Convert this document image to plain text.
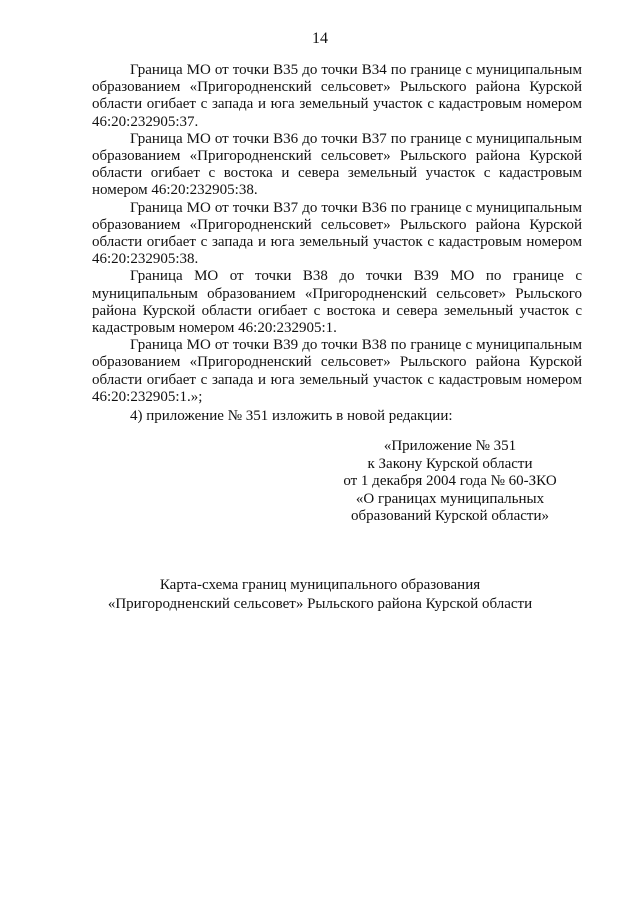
14

Граница МО от точки B35 до точки B34 по границе с муниципальным образованием «Пригородненский сельсовет» Рыльского района Курской области огибает с запада и юга земельный участок с кадастровым номером 46:20:232905:37.

Граница МО от точки B36 до точки B37 по границе с муниципальным образованием «Пригородненский сельсовет» Рыльского района Курской области огибает с востока и севера земельный участок с кадастровым номером 46:20:232905:38.

Граница МО от точки B37 до точки B36 по границе с муниципальным образованием «Пригородненский сельсовет» Рыльского района Курской области огибает с запада и юга земельный участок с кадастровым номером 46:20:232905:38.

Граница МО от точки B38 до точки B39 МО по границе с муниципальным образованием «Пригородненский сельсовет» Рыльского района Курской области огибает с востока и севера земельный участок с кадастровым номером 46:20:232905:1.

Граница МО от точки B39 до точки B38 по границе с муниципальным образованием «Пригородненский сельсовет» Рыльского района Курской области огибает с запада и юга земельный участок с кадастровым номером 46:20:232905:1.»;

4) приложение № 351 изложить в новой редакции:

«Приложение № 351
к Закону Курской области
от 1 декабря 2004 года № 60-ЗКО
«О границах муниципальных
образований Курской области»
Карта-схема границ муниципального образования
«Пригородненский сельсовет» Рыльского района Курской области
